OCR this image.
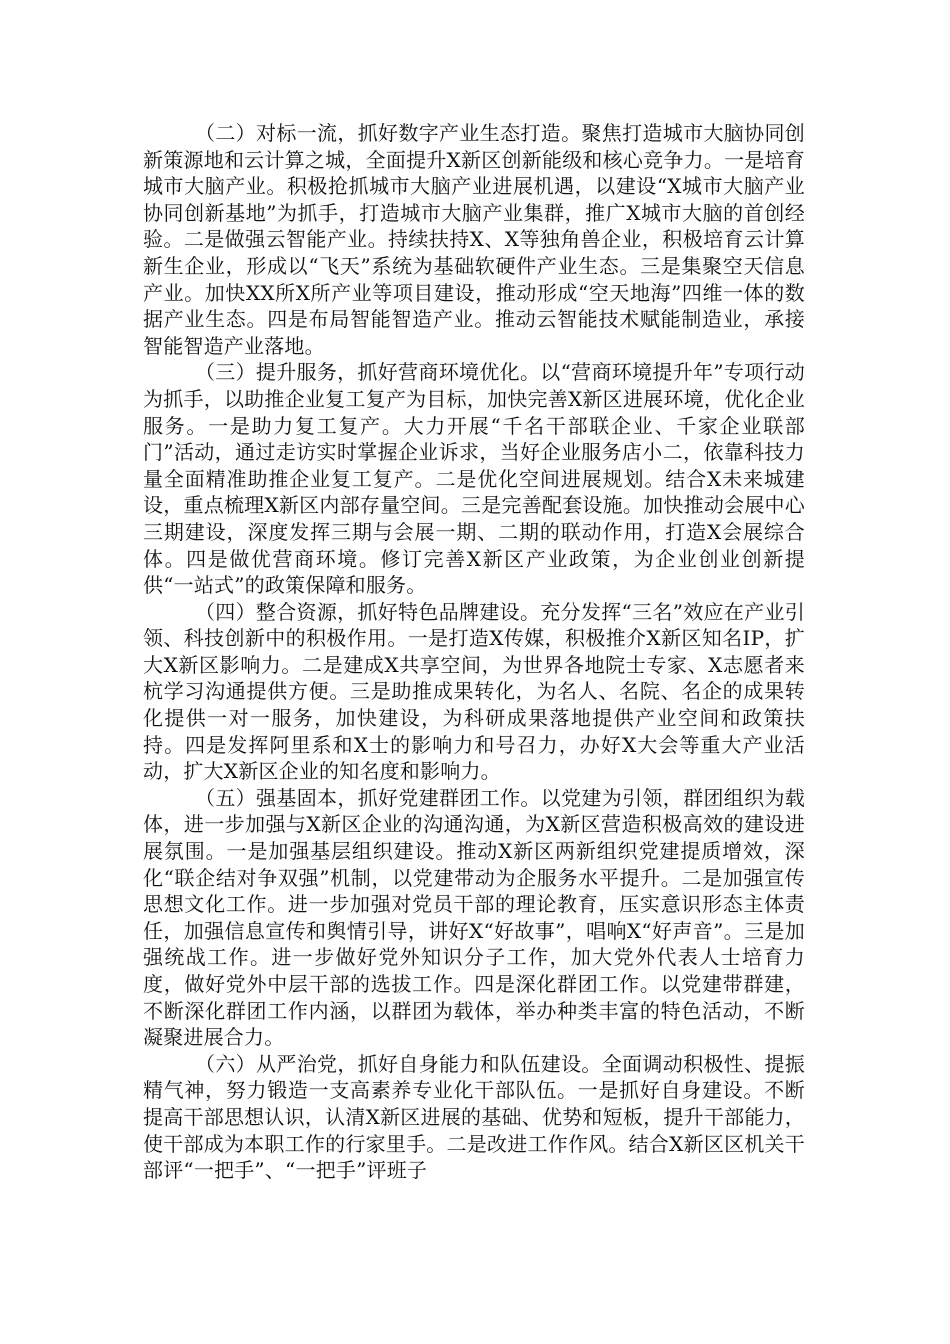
（二）对标一流，抓好数字产业生态打造。聚焦打造城市大脑协同创新策源地和云计算之城，全面提升X新区创新能级和核心竞争力。一是培育城市大脑产业。积极抢抓城市大脑产业进展机遇，以建设“X城市大脑产业协同创新基地”为抓手，打造城市大脑产业集群，推广X城市大脑的首创经验。二是做强云智能产业。持续扶持X、X等独角兽企业，积极培育云计算新生企业，形成以“飞天”系统为基础软硬件产业生态。三是集聚空天信息产业。加快XX所X所产业等项目建设，推动形成“空天地海”四维一体的数据产业生态。四是布局智能智造产业。推动云智能技术赋能制造业，承接智能智造产业落地。

（三）提升服务，抓好营商环境优化。以“营商环境提升年”专项行动为抓手，以助推企业复工复产为目标，加快完善X新区进展环境，优化企业服务。一是助力复工复产。大力开展“千名干部联企业、千家企业联部门”活动，通过走访实时掌握企业诉求，当好企业服务店小二，依靠科技力量全面精准助推企业复工复产。二是优化空间进展规划。结合X未来城建设，重点梳理X新区内部存量空间。三是完善配套设施。加快推动会展中心三期建设，深度发挥三期与会展一期、二期的联动作用，打造X会展综合体。四是做优营商环境。修订完善X新区产业政策，为企业创业创新提供“一站式”的政策保障和服务。

（四）整合资源，抓好特色品牌建设。充分发挥“三名”效应在产业引领、科技创新中的积极作用。一是打造X传媒，积极推介X新区知名IP，扩大X新区影响力。二是建成X共享空间，为世界各地院士专家、X志愿者来杭学习沟通提供方便。三是助推成果转化，为名人、名院、名企的成果转化提供一对一服务，加快建设，为科研成果落地提供产业空间和政策扶持。四是发挥阿里系和X士的影响力和号召力，办好X大会等重大产业活动，扩大X新区企业的知名度和影响力。

（五）强基固本，抓好党建群团工作。以党建为引领，群团组织为载体，进一步加强与X新区企业的沟通沟通，为X新区营造积极高效的建设进展氛围。一是加强基层组织建设。推动X新区两新组织党建提质增效，深化“联企结对争双强”机制，以党建带动为企服务水平提升。二是加强宣传思想文化工作。进一步加强对党员干部的理论教育，压实意识形态主体责任，加强信息宣传和舆情引导，讲好X“好故事”，唱响X“好声音”。三是加强统战工作。进一步做好党外知识分子工作，加大党外代表人士培育力度，做好党外中层干部的选拔工作。四是深化群团工作。以党建带群建，不断深化群团工作内涵，以群团为载体，举办种类丰富的特色活动，不断凝聚进展合力。

（六）从严治党，抓好自身能力和队伍建设。全面调动积极性、提振精气神，努力锻造一支高素养专业化干部队伍。一是抓好自身建设。不断提高干部思想认识，认清X新区进展的基础、优势和短板，提升干部能力，使干部成为本职工作的行家里手。二是改进工作作风。结合X新区区机关干部评“一把手”、“一把手”评班子
